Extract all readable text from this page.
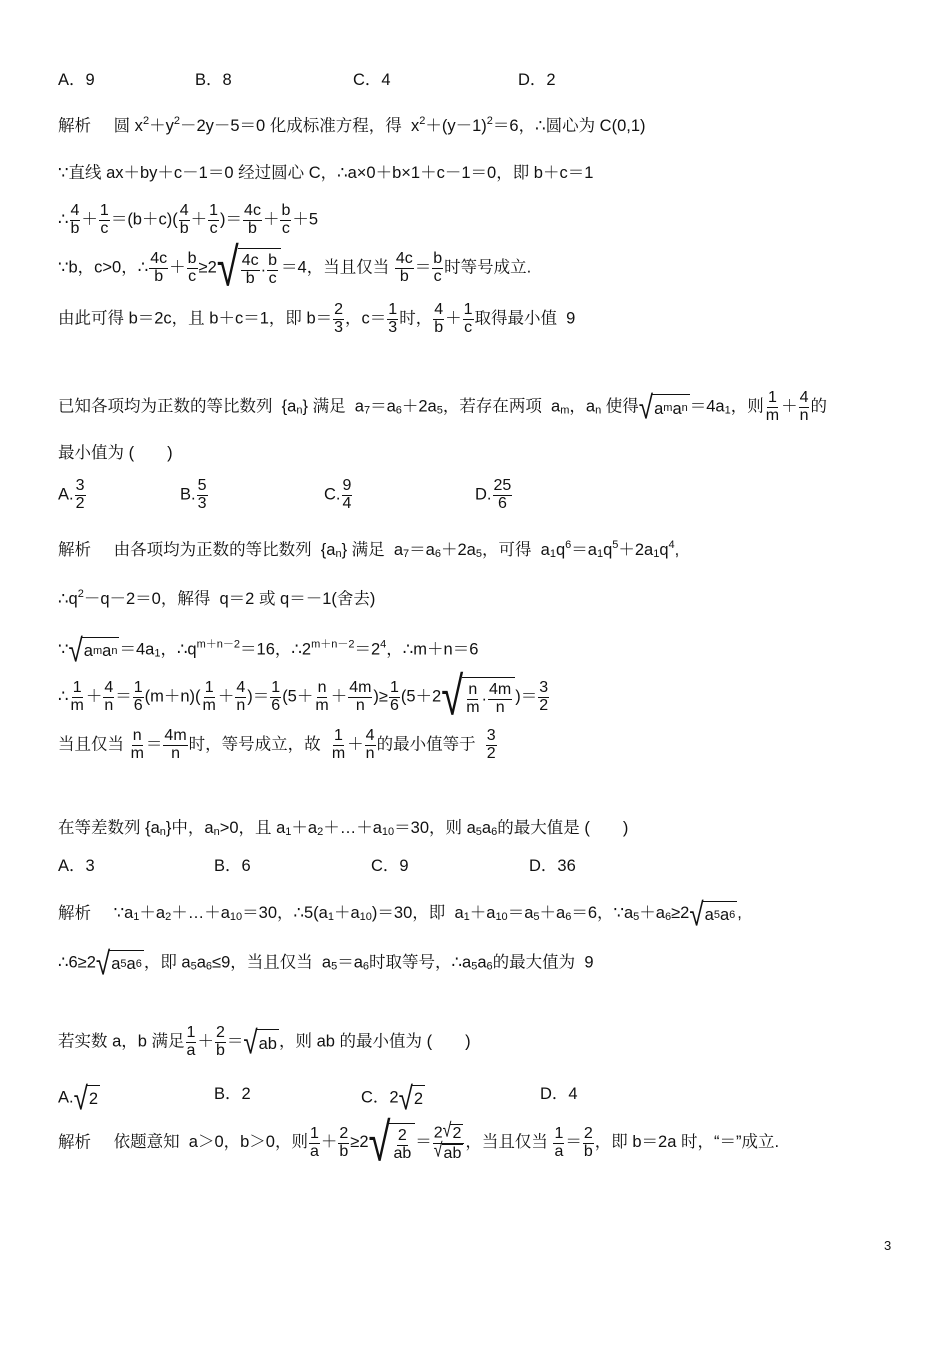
A．9	B．8	C．4	D．2
解析 圆 $x^2+y^2-2y-5=0$ 化成标准方程，得  $x^2+(y-1)^2=6$，∴圆心为 C(0,1)
∵直线 ax＋by＋c－1＝0 经过圆心 C，∴a×0＋b×1＋c－1＝0，即 b＋c＝1
∴ $\frac{4}{b} + \frac{1}{c} =(b+c)( \frac{4}{b} + \frac{1}{c}$ )＝ $\frac{4c}{b} + \frac{b}{c} +5$
∵b，c>0，∴ $\frac{4c}{b} + \frac{b}{c} \ge 2$ √ 4c
b ·
b
c
＝4，当且仅当 $\frac{4c}{b} = \frac{b}{c}$ 时等号成立.
由此可得 b＝2c，且 b＋c＝1，即 $b= \frac{2}{3}$ ，$c= \frac{1}{3}$ 时， $\frac{4}{b} + \frac{1}{c}$ 取得最小值  9
已知各项均为正数的等比数列  $\{a_n\}$ 满足  $a_7=a_6+2a_5$，若存在两项  $a_m$，$a_n$ 使得 √ a m a $n =4a_1$，则 $\frac{1}{m} + \frac{4}{n}$ 的
最小值为 (　　)
A. $\frac{3}{2}$	B. $\frac{5}{3}$	C. $\frac{9}{4}$	D. $\frac{25}{6}$
解析 由各项均为正数的等比数列  $\{a_n\}$ 满足  $a_7=a_6+2a_5$，可得  $a_1q^6=a_1q^5+2a_1q^4$,
$\therefore q^2-q-2=0$，解得  q＝2 或 q＝－1(舍去)
∵ √ a m a $n =4a_1$，$\therefore q^{m+n-2}=16$，$\therefore 2^{m+n-2}=2^4$，∴m＋n＝6
∴ $\frac{1}{m} + \frac{4}{n} = \frac{1}{6} (m+n)( \frac{1}{m} + \frac{4}{n}$ )＝ $\frac{1}{6} (5+ \frac{n}{m} + \frac{4m}{n}$ )≥ $\frac{1}{6} (5+2$ √ n
m ·
4m
n
)＝ $\frac{3}{2}$
当且仅当 $\frac{n}{m} = \frac{4m}{n}$ 时，等号成立，故 $\frac{1}{m} + \frac{4}{n}$ 的最小值等于 $\frac{3}{2}$
在等差数列 $\{a_n\}$中，$a_n>0$，且 $a_1+a_2+\dots+a_{10}=30$，则 $a_5a_6$的最大值是 (　　)
A．3	B．6	C．9	D．36
解析 $\because a_1+a_2+\dots+a_{10}=30$，$\therefore 5(a_1+a_{10})=30$，即  $a_1+a_{10}=a_5+a_6=6$，$\because a_5+a_6\ge 2$ √ a 5 a 6 ,
∴6≥2 √ a 5 a 6 ，即 $a_5a_6\le 9$，当且仅当  $a_5=a_6$时取等号，$\therefore a_5a_6$的最大值为  9
若实数 a，b 满足 $\frac{1}{a} + \frac{2}{b}$ ＝ √ ab ，则 ab 的最小值为 (　　)
A. √ 2	B．2	C．2 √ 2	D．4
解析 依题意知  a＞0，b＞0，则 $\frac{1}{a} + \frac{2}{b} \ge 2$ √ 2
ab
＝ $\frac{2 √ 2}{√ ab}$ ，当且仅当 $\frac{1}{a} = \frac{2}{b}$ ，即 b＝2a 时，“＝”成立.
3
